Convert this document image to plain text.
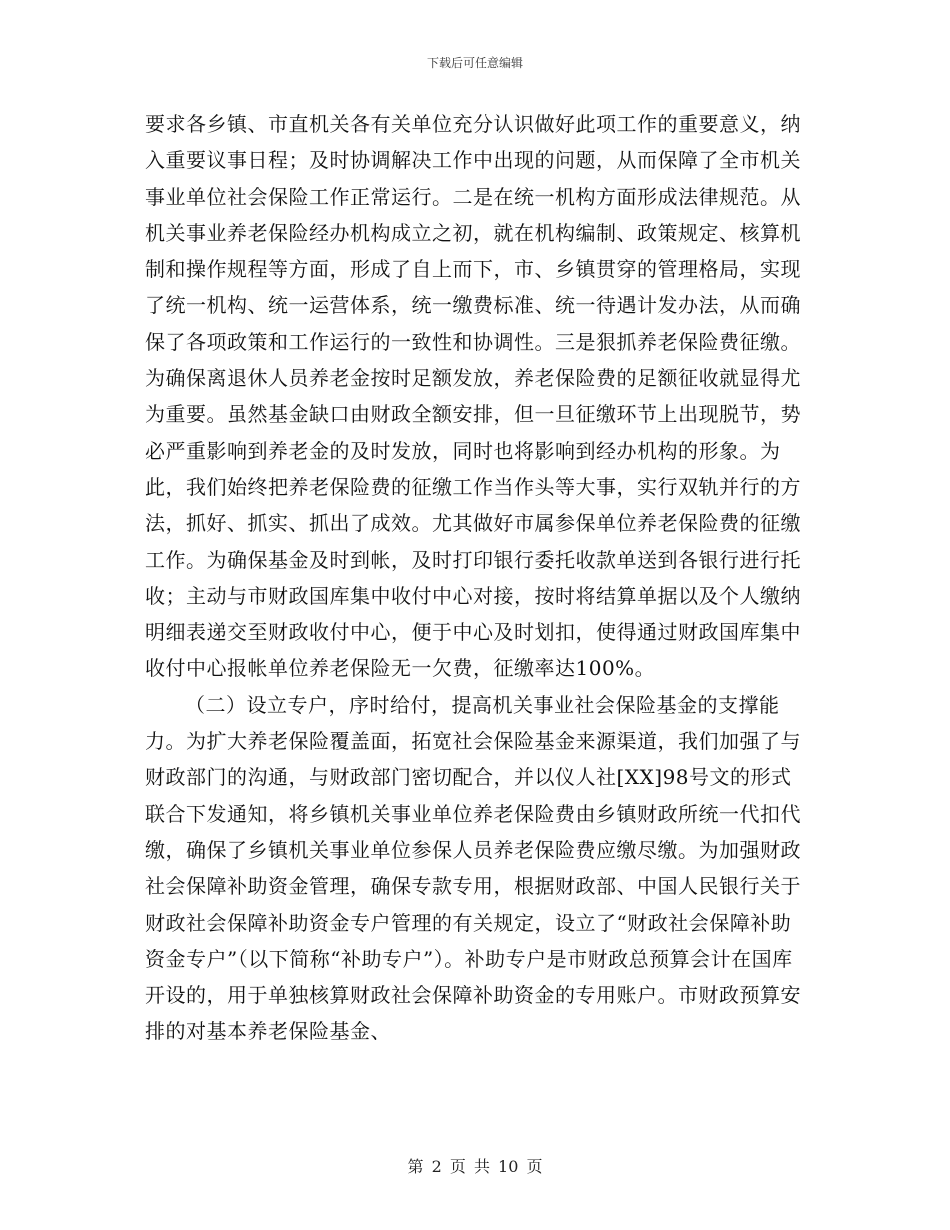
下载后可任意编辑

要求各乡镇、市直机关各有关单位充分认识做好此项工作的重要意义，纳入重要议事日程；及时协调解决工作中出现的问题，从而保障了全市机关事业单位社会保险工作正常运行。二是在统一机构方面形成法律规范。从机关事业养老保险经办机构成立之初，就在机构编制、政策规定、核算机制和操作规程等方面，形成了自上而下，市、乡镇贯穿的管理格局，实现了统一机构、统一运营体系，统一缴费标准、统一待遇计发办法，从而确保了各项政策和工作运行的一致性和协调性。三是狠抓养老保险费征缴。为确保离退休人员养老金按时足额发放，养老保险费的足额征收就显得尤为重要。虽然基金缺口由财政全额安排，但一旦征缴环节上出现脱节，势必严重影响到养老金的及时发放，同时也将影响到经办机构的形象。为此，我们始终把养老保险费的征缴工作当作头等大事，实行双轨并行的方法，抓好、抓实、抓出了成效。尤其做好市属参保单位养老保险费的征缴工作。为确保基金及时到帐，及时打印银行委托收款单送到各银行进行托收；主动与市财政国库集中收付中心对接，按时将结算单据以及个人缴纳明细表递交至财政收付中心，便于中心及时划扣，使得通过财政国库集中收付中心报帐单位养老保险无一欠费，征缴率达100%。

（二）设立专户，序时给付，提高机关事业社会保险基金的支撑能力。为扩大养老保险覆盖面，拓宽社会保险基金来源渠道，我们加强了与财政部门的沟通，与财政部门密切配合，并以仪人社[XX]98号文的形式联合下发通知，将乡镇机关事业单位养老保险费由乡镇财政所统一代扣代缴，确保了乡镇机关事业单位参保人员养老保险费应缴尽缴。为加强财政社会保障补助资金管理，确保专款专用，根据财政部、中国人民银行关于财政社会保障补助资金专户管理的有关规定，设立了“财政社会保障补助资金专户”（以下简称“补助专户”）。补助专户是市财政总预算会计在国库开设的，用于单独核算财政社会保障补助资金的专用账户。市财政预算安排的对基本养老保险基金、

第 2 页 共 10 页
